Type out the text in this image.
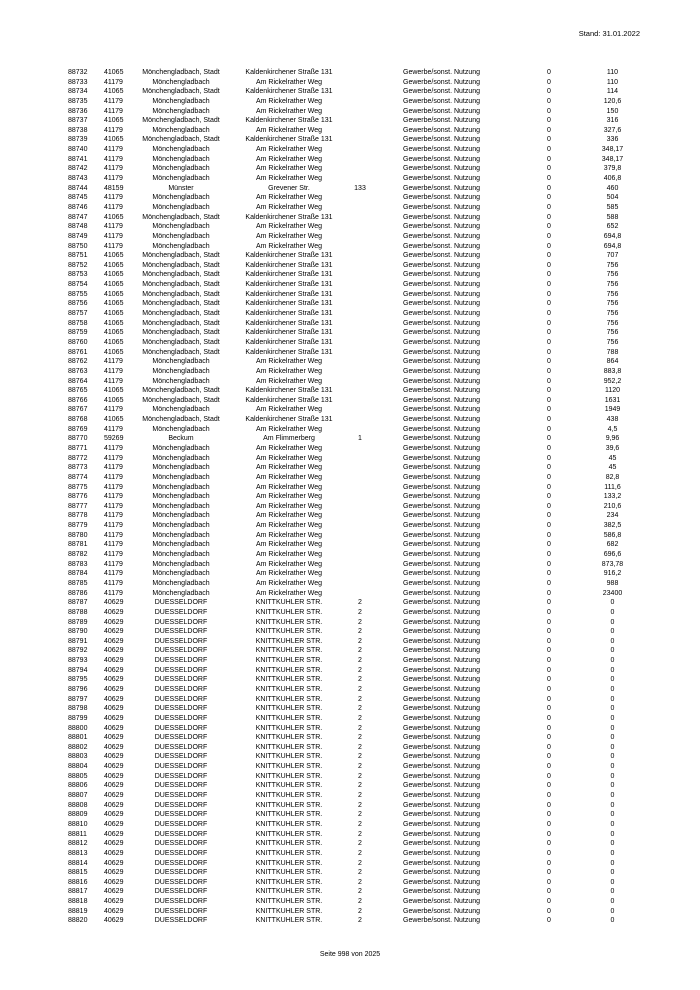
Stand: 31.01.2022
88732 41065	Mönchengladbach, Stadt	Kaldenkirchener Straße 131	Gewerbe/sonst. Nutzung	0	110
88733 41179	Mönchengladbach	Am Rickelrather Weg	Gewerbe/sonst. Nutzung	0	110
88734 41065	Mönchengladbach, Stadt	Kaldenkirchener Straße 131	Gewerbe/sonst. Nutzung	0	114
88735 41179	Mönchengladbach	Am Rickelrather Weg	Gewerbe/sonst. Nutzung	0	120,6
88736 41179	Mönchengladbach	Am Rickelrather Weg	Gewerbe/sonst. Nutzung	0	150
88737 41065	Mönchengladbach, Stadt	Kaldenkirchener Straße 131	Gewerbe/sonst. Nutzung	0	316
88738 41179	Mönchengladbach	Am Rickelrather Weg	Gewerbe/sonst. Nutzung	0	327,6
88739 41065	Mönchengladbach, Stadt	Kaldenkirchener Straße 131	Gewerbe/sonst. Nutzung	0	336
88740 41179	Mönchengladbach	Am Rickelrather Weg	Gewerbe/sonst. Nutzung	0	348,17
88741 41179	Mönchengladbach	Am Rickelrather Weg	Gewerbe/sonst. Nutzung	0	348,17
88742 41179	Mönchengladbach	Am Rickelrather Weg	Gewerbe/sonst. Nutzung	0	379,8
88743 41179	Mönchengladbach	Am Rickelrather Weg	Gewerbe/sonst. Nutzung	0	406,8
88744 48159	Münster	Grevener Str.	133	Gewerbe/sonst. Nutzung	0	460
88745 41179	Mönchengladbach	Am Rickelrather Weg	Gewerbe/sonst. Nutzung	0	504
88746 41179	Mönchengladbach	Am Rickelrather Weg	Gewerbe/sonst. Nutzung	0	585
88747 41065	Mönchengladbach, Stadt	Kaldenkirchener Straße 131	Gewerbe/sonst. Nutzung	0	588
88748 41179	Mönchengladbach	Am Rickelrather Weg	Gewerbe/sonst. Nutzung	0	652
88749 41179	Mönchengladbach	Am Rickelrather Weg	Gewerbe/sonst. Nutzung	0	694,8
88750 41179	Mönchengladbach	Am Rickelrather Weg	Gewerbe/sonst. Nutzung	0	694,8
88751 41065	Mönchengladbach, Stadt	Kaldenkirchener Straße 131	Gewerbe/sonst. Nutzung	0	707
88752 41065	Mönchengladbach, Stadt	Kaldenkirchener Straße 131	Gewerbe/sonst. Nutzung	0	756
88753 41065	Mönchengladbach, Stadt	Kaldenkirchener Straße 131	Gewerbe/sonst. Nutzung	0	756
88754 41065	Mönchengladbach, Stadt	Kaldenkirchener Straße 131	Gewerbe/sonst. Nutzung	0	756
88755 41065	Mönchengladbach, Stadt	Kaldenkirchener Straße 131	Gewerbe/sonst. Nutzung	0	756
88756 41065	Mönchengladbach, Stadt	Kaldenkirchener Straße 131	Gewerbe/sonst. Nutzung	0	756
88757 41065	Mönchengladbach, Stadt	Kaldenkirchener Straße 131	Gewerbe/sonst. Nutzung	0	756
88758 41065	Mönchengladbach, Stadt	Kaldenkirchener Straße 131	Gewerbe/sonst. Nutzung	0	756
88759 41065	Mönchengladbach, Stadt	Kaldenkirchener Straße 131	Gewerbe/sonst. Nutzung	0	756
88760 41065	Mönchengladbach, Stadt	Kaldenkirchener Straße 131	Gewerbe/sonst. Nutzung	0	756
88761 41065	Mönchengladbach, Stadt	Kaldenkirchener Straße 131	Gewerbe/sonst. Nutzung	0	788
88762 41179	Mönchengladbach	Am Rickelrather Weg	Gewerbe/sonst. Nutzung	0	864
88763 41179	Mönchengladbach	Am Rickelrather Weg	Gewerbe/sonst. Nutzung	0	883,8
88764 41179	Mönchengladbach	Am Rickelrather Weg	Gewerbe/sonst. Nutzung	0	952,2
88765 41065	Mönchengladbach, Stadt	Kaldenkirchener Straße 131	Gewerbe/sonst. Nutzung	0	1120
88766 41065	Mönchengladbach, Stadt	Kaldenkirchener Straße 131	Gewerbe/sonst. Nutzung	0	1631
88767 41179	Mönchengladbach	Am Rickelrather Weg	Gewerbe/sonst. Nutzung	0	1949
88768 41065	Mönchengladbach, Stadt	Kaldenkirchener Straße 131	Gewerbe/sonst. Nutzung	0	438
88769 41179	Mönchengladbach	Am Rickelrather Weg	Gewerbe/sonst. Nutzung	0	4,5
88770 59269	Beckum	Am Flimmerberg	1	Gewerbe/sonst. Nutzung	0	9,96
88771 41179	Mönchengladbach	Am Rickelrather Weg	Gewerbe/sonst. Nutzung	0	39,6
88772 41179	Mönchengladbach	Am Rickelrather Weg	Gewerbe/sonst. Nutzung	0	45
88773 41179	Mönchengladbach	Am Rickelrather Weg	Gewerbe/sonst. Nutzung	0	45
88774 41179	Mönchengladbach	Am Rickelrather Weg	Gewerbe/sonst. Nutzung	0	82,8
88775 41179	Mönchengladbach	Am Rickelrather Weg	Gewerbe/sonst. Nutzung	0	111,6
88776 41179	Mönchengladbach	Am Rickelrather Weg	Gewerbe/sonst. Nutzung	0	133,2
88777 41179	Mönchengladbach	Am Rickelrather Weg	Gewerbe/sonst. Nutzung	0	210,6
88778 41179	Mönchengladbach	Am Rickelrather Weg	Gewerbe/sonst. Nutzung	0	234
88779 41179	Mönchengladbach	Am Rickelrather Weg	Gewerbe/sonst. Nutzung	0	382,5
88780 41179	Mönchengladbach	Am Rickelrather Weg	Gewerbe/sonst. Nutzung	0	586,8
88781 41179	Mönchengladbach	Am Rickelrather Weg	Gewerbe/sonst. Nutzung	0	682
88782 41179	Mönchengladbach	Am Rickelrather Weg	Gewerbe/sonst. Nutzung	0	696,6
88783 41179	Mönchengladbach	Am Rickelrather Weg	Gewerbe/sonst. Nutzung	0	873,78
88784 41179	Mönchengladbach	Am Rickelrather Weg	Gewerbe/sonst. Nutzung	0	916,2
88785 41179	Mönchengladbach	Am Rickelrather Weg	Gewerbe/sonst. Nutzung	0	988
88786 41179	Mönchengladbach	Am Rickelrather Weg	Gewerbe/sonst. Nutzung	0	23400
88787 40629	DUESSELDORF	KNITTKUHLER STR.	2	Gewerbe/sonst. Nutzung	0	0
88788 40629	DUESSELDORF	KNITTKUHLER STR.	2	Gewerbe/sonst. Nutzung	0	0
88789 40629	DUESSELDORF	KNITTKUHLER STR.	2	Gewerbe/sonst. Nutzung	0	0
88790 40629	DUESSELDORF	KNITTKUHLER STR.	2	Gewerbe/sonst. Nutzung	0	0
88791 40629	DUESSELDORF	KNITTKUHLER STR.	2	Gewerbe/sonst. Nutzung	0	0
88792 40629	DUESSELDORF	KNITTKUHLER STR.	2	Gewerbe/sonst. Nutzung	0	0
88793 40629	DUESSELDORF	KNITTKUHLER STR.	2	Gewerbe/sonst. Nutzung	0	0
88794 40629	DUESSELDORF	KNITTKUHLER STR.	2	Gewerbe/sonst. Nutzung	0	0
88795 40629	DUESSELDORF	KNITTKUHLER STR.	2	Gewerbe/sonst. Nutzung	0	0
88796 40629	DUESSELDORF	KNITTKUHLER STR.	2	Gewerbe/sonst. Nutzung	0	0
88797 40629	DUESSELDORF	KNITTKUHLER STR.	2	Gewerbe/sonst. Nutzung	0	0
88798 40629	DUESSELDORF	KNITTKUHLER STR.	2	Gewerbe/sonst. Nutzung	0	0
88799 40629	DUESSELDORF	KNITTKUHLER STR.	2	Gewerbe/sonst. Nutzung	0	0
88800 40629	DUESSELDORF	KNITTKUHLER STR.	2	Gewerbe/sonst. Nutzung	0	0
88801 40629	DUESSELDORF	KNITTKUHLER STR.	2	Gewerbe/sonst. Nutzung	0	0
88802 40629	DUESSELDORF	KNITTKUHLER STR.	2	Gewerbe/sonst. Nutzung	0	0
88803 40629	DUESSELDORF	KNITTKUHLER STR.	2	Gewerbe/sonst. Nutzung	0	0
88804 40629	DUESSELDORF	KNITTKUHLER STR.	2	Gewerbe/sonst. Nutzung	0	0
88805 40629	DUESSELDORF	KNITTKUHLER STR.	2	Gewerbe/sonst. Nutzung	0	0
88806 40629	DUESSELDORF	KNITTKUHLER STR.	2	Gewerbe/sonst. Nutzung	0	0
88807 40629	DUESSELDORF	KNITTKUHLER STR.	2	Gewerbe/sonst. Nutzung	0	0
88808 40629	DUESSELDORF	KNITTKUHLER STR.	2	Gewerbe/sonst. Nutzung	0	0
88809 40629	DUESSELDORF	KNITTKUHLER STR.	2	Gewerbe/sonst. Nutzung	0	0
88810 40629	DUESSELDORF	KNITTKUHLER STR.	2	Gewerbe/sonst. Nutzung	0	0
88811 40629	DUESSELDORF	KNITTKUHLER STR.	2	Gewerbe/sonst. Nutzung	0	0
88812 40629	DUESSELDORF	KNITTKUHLER STR.	2	Gewerbe/sonst. Nutzung	0	0
88813 40629	DUESSELDORF	KNITTKUHLER STR.	2	Gewerbe/sonst. Nutzung	0	0
88814 40629	DUESSELDORF	KNITTKUHLER STR.	2	Gewerbe/sonst. Nutzung	0	0
88815 40629	DUESSELDORF	KNITTKUHLER STR.	2	Gewerbe/sonst. Nutzung	0	0
88816 40629	DUESSELDORF	KNITTKUHLER STR.	2	Gewerbe/sonst. Nutzung	0	0
88817 40629	DUESSELDORF	KNITTKUHLER STR.	2	Gewerbe/sonst. Nutzung	0	0
88818 40629	DUESSELDORF	KNITTKUHLER STR.	2	Gewerbe/sonst. Nutzung	0	0
88819 40629	DUESSELDORF	KNITTKUHLER STR.	2	Gewerbe/sonst. Nutzung	0	0
88820 40629	DUESSELDORF	KNITTKUHLER STR.	2	Gewerbe/sonst. Nutzung	0	0
Seite 998 von 2025
